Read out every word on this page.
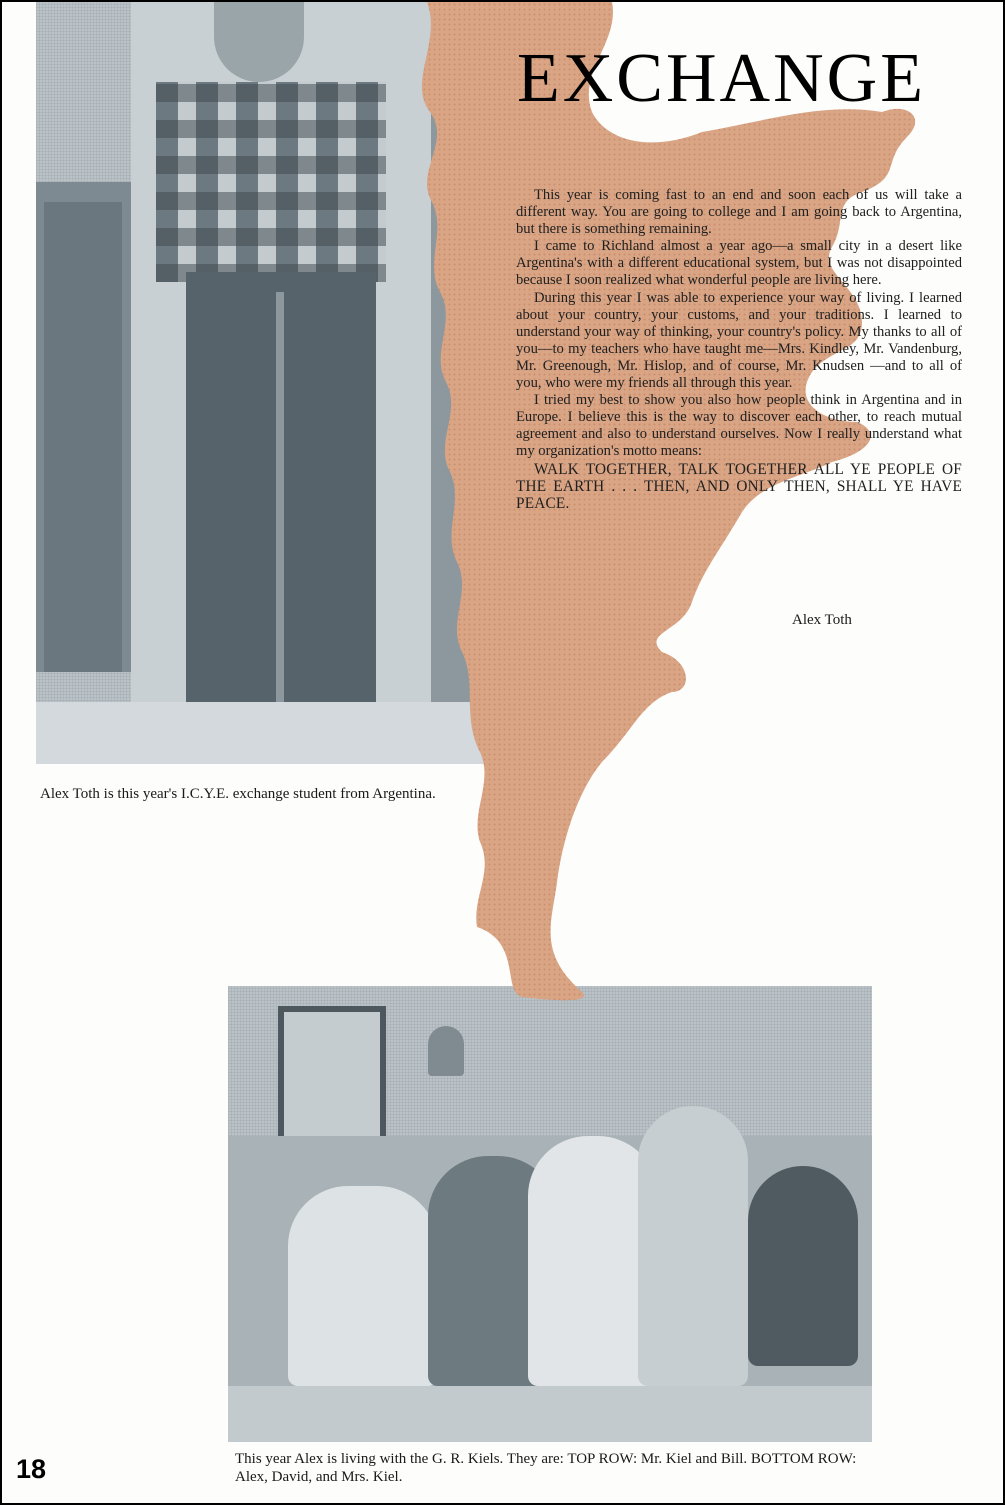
EXCHANGE

This year is coming fast to an end and soon each of us will take a different way. You are going to college and I am going back to Argentina, but there is something remaining.

I came to Richland almost a year ago—a small city in a desert like Argentina's with a different educational system, but I was not disappointed because I soon realized what wonderful people are living here.

During this year I was able to experience your way of living. I learned about your country, your customs, and your traditions. I learned to understand your way of thinking, your country's policy. My thanks to all of you—to my teachers who have taught me—Mrs. Kindley, Mr. Vandenburg, Mr. Greenough, Mr. Hislop, and of course, Mr. Knudsen —and to all of you, who were my friends all through this year.

I tried my best to show you also how people think in Argentina and in Europe. I believe this is the way to discover each other, to reach mutual agreement and also to understand ourselves. Now I really understand what my organization's motto means:

WALK TOGETHER, TALK TOGETHER ALL YE PEOPLE OF THE EARTH . . . THEN, AND ONLY THEN, SHALL YE HAVE PEACE.

Alex Toth
Alex Toth is this year's I.C.Y.E. exchange student from Argentina.
This year Alex is living with the G. R. Kiels. They are: TOP ROW: Mr. Kiel and Bill. BOTTOM ROW: Alex, David, and Mrs. Kiel.
18
